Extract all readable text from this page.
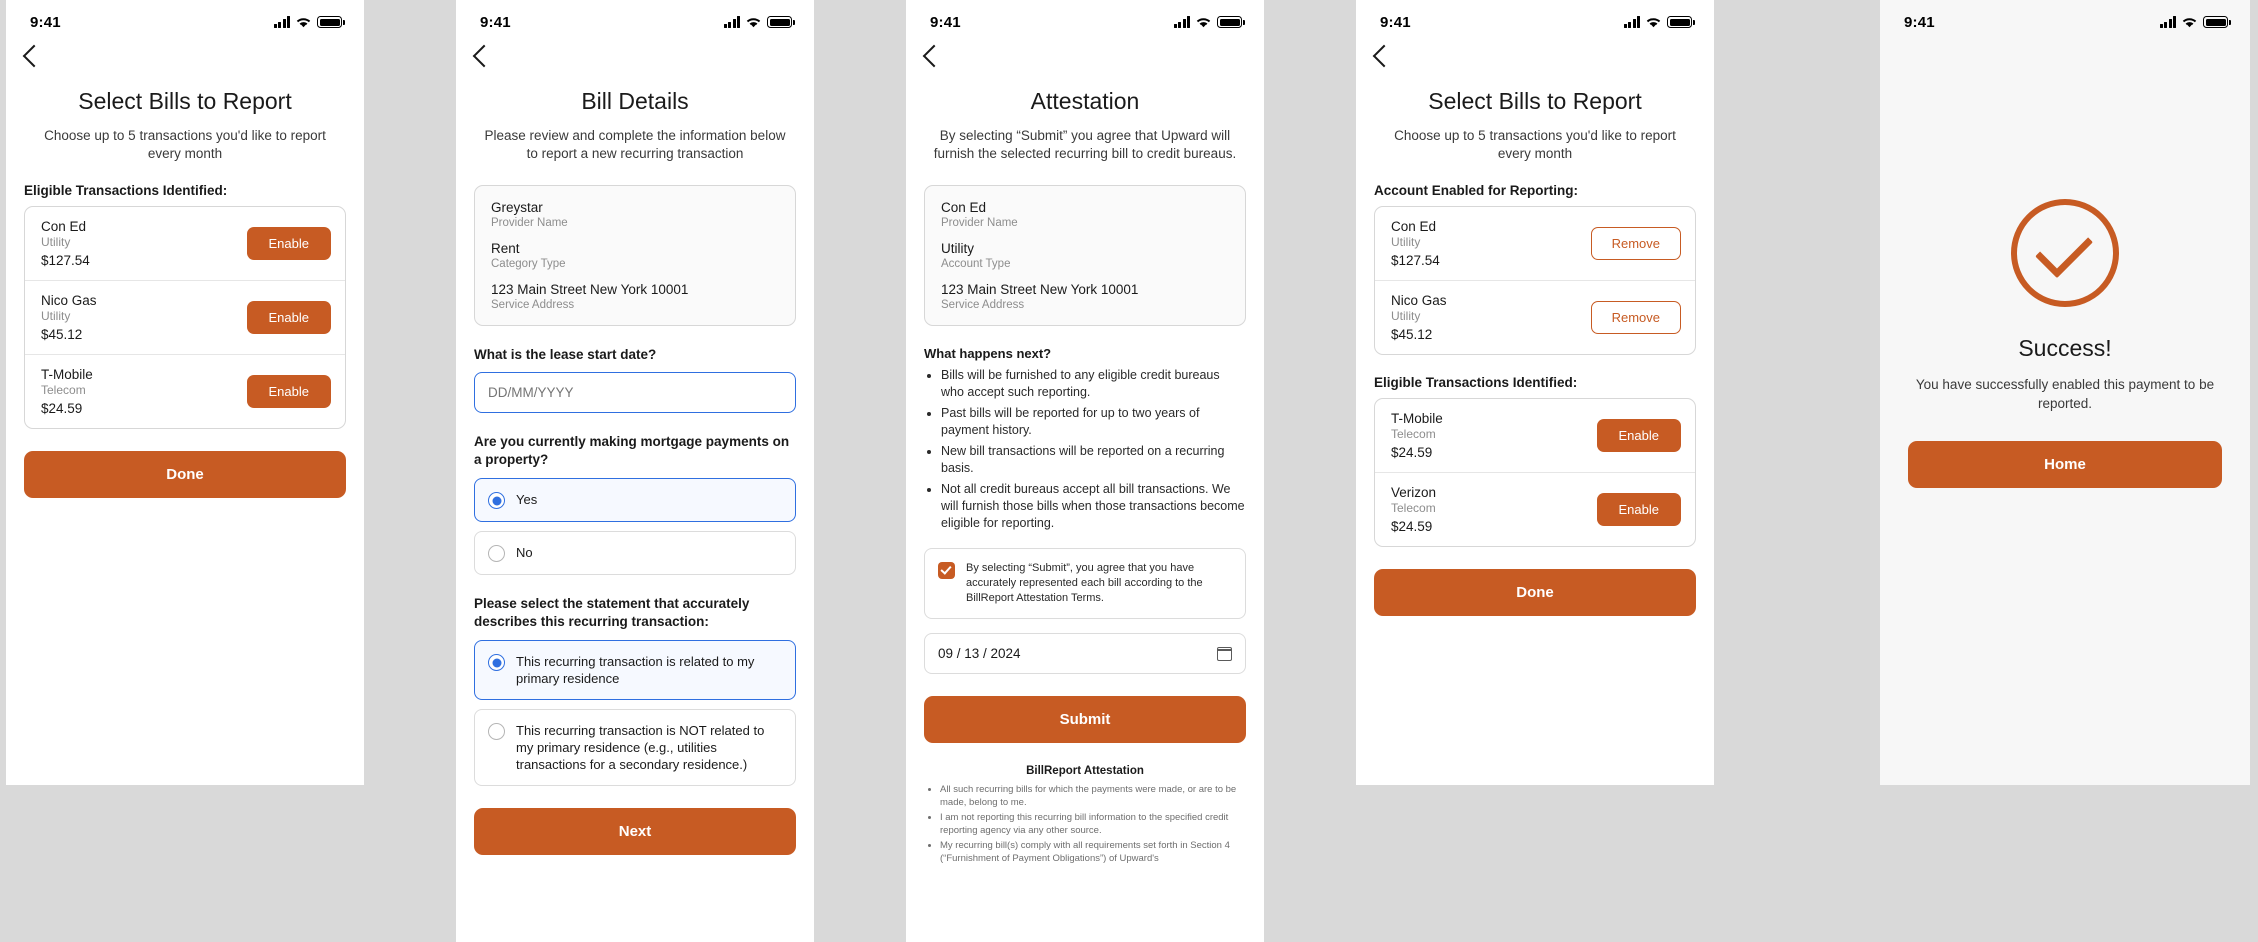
9:41
Select Bills to Report

Choose up to 5 transactions you'd like to report every month

Eligible Transactions Identified:
Con Ed
Utility
$127.54
Enable
Nico Gas
Utility
$45.12
Enable
T-Mobile
Telecom
$24.59
Enable
Done
9:41
Bill Details

Please review and complete the information below to report a new recurring transaction

Greystar
Provider Name
Rent
Category Type
123 Main Street New York 10001
Service Address
What is the lease start date?
DD/MM/YYYY
Are you currently making mortgage payments on a property?
Yes
No
Please select the statement that accurately describes this recurring transaction:
This recurring transaction is related to my primary residence
This recurring transaction is NOT related to my primary residence (e.g., utilities transactions for a secondary residence.)
Next
9:41
Attestation

By selecting “Submit” you agree that Upward will furnish the selected recurring bill to credit bureaus.

Con Ed
Provider Name
Utility
Account Type
123 Main Street New York 10001
Service Address
What happens next?
• Bills will be furnished to any eligible credit bureaus who accept such reporting.
• Past bills will be reported for up to two years of payment history.
• New bill transactions will be reported on a recurring basis.
• Not all credit bureaus accept all bill transactions. We will furnish those bills when those transactions become eligible for reporting.
By selecting “Submit”, you agree that you have accurately represented each bill according to the BillReport Attestation Terms.
09 / 13 / 2024
Submit
BillReport Attestation
• All such recurring bills for which the payments were made, or are to be made, belong to me.
• I am not reporting this recurring bill information to the specified credit reporting agency via any other source.
• My recurring bill(s) comply with all requirements set forth in Section 4 (“Furnishment of Payment Obligations”) of Upward's
9:41
Select Bills to Report

Choose up to 5 transactions you'd like to report every month

Account Enabled for Reporting:
Con Ed
Utility
$127.54
Remove
Nico Gas
Utility
$45.12
Remove
Eligible Transactions Identified:
T-Mobile
Telecom
$24.59
Enable
Verizon
Telecom
$24.59
Enable
Done
9:41
Success!
You have successfully enabled this payment to be reported.
Home
